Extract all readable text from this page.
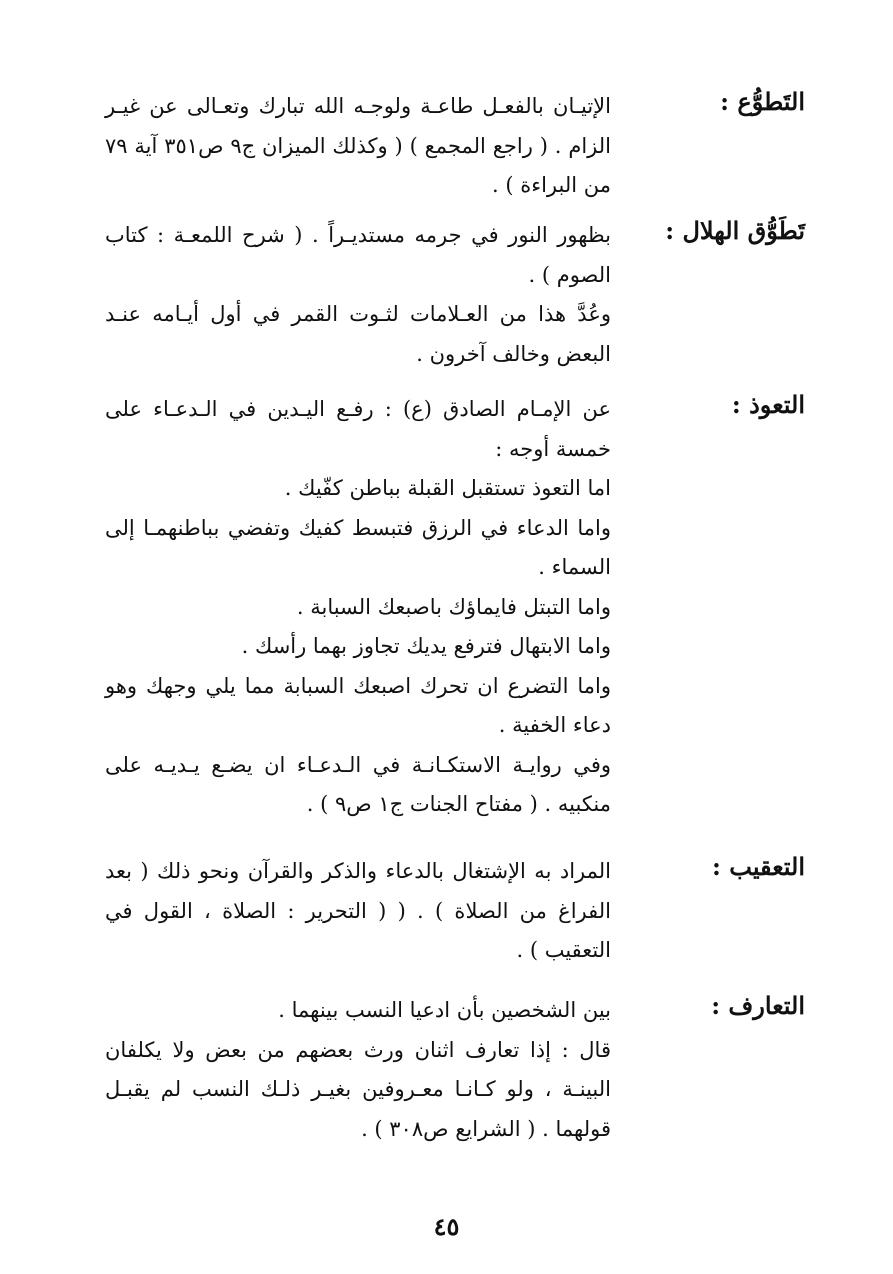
التَطوُّع :

الإتيـان بالفعـل طاعـة ولوجـه الله تبارك وتعـالى عن غيـر الزام . ( راجع المجمع ) ( وكذلك الميزان ج٩ ص٣٥١ آية ٧٩ من البراءة ) .

تَطَوُّق الهلال :

بظهور النور في جرمه مستديـراً . ( شرح اللمعـة : كتاب الصوم ) .

وعُدَّ هذا من العـلامات لثـوت القمر في أول أيـامه عنـد البعض وخالف آخرون .

التعوذ :

عن الإمـام الصادق (ع) : رفـع اليـدين في الـدعـاء على خمسة أوجه :

اما التعوذ تستقبل القبلة بباطن كفّيك .

واما الدعاء في الرزق فتبسط كفيك وتفضي بباطنهمـا إلى السماء .

واما التبتل فايماؤك باصبعك السبابة .

واما الابتهال فترفع يديك تجاوز بهما رأسك .

واما التضرع ان تحرك اصبعك السبابة مما يلي وجهك وهو دعاء الخفية .

وفي روايـة الاستكـانـة في الـدعـاء ان يضـع يـديـه على منكبيه . ( مفتاح الجنات ج١ ص٩ ) .

التعقيب :

المراد به الإشتغال بالدعاء والذكر والقرآن ونحو ذلك ( بعد الفراغ من الصلاة ) . ( ( التحرير : الصلاة ، القول في التعقيب ) .

التعارف :

بين الشخصين بأن ادعيا النسب بينهما .

قال : إذا تعارف اثنان ورث بعضهم من بعض ولا يكلفان البينـة ، ولو كـانـا معـروفين بغيـر ذلـك النسب لم يقبـل قولهما . ( الشرايع ص٣٠٨ ) .

٤٥
